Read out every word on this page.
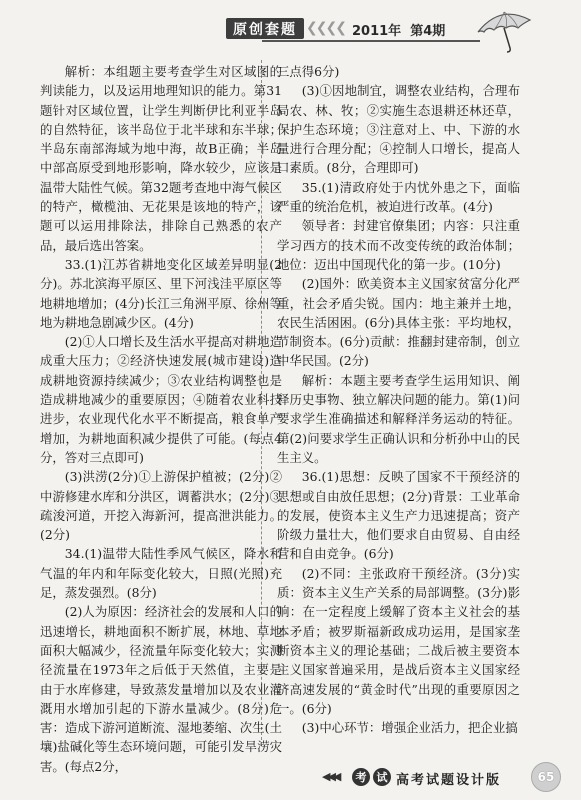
原创套题 ❮❮❮❮ 2011年  第4期

解析：本组题主要考查学生对区域图的判读能力，以及运用地理知识的能力。第31题针对区域位置，让学生判断伊比利亚半岛的自然特征，该半岛位于北半球和东半球；半岛东南部海域为地中海，故B正确；半岛中部高原受到地形影响，降水较少，应该是温带大陆性气候。第32题考查地中海气候区的特产，橄榄油、无花果是该地的特产，该题可以运用排除法，排除自己熟悉的农产品，最后选出答案。

33.(1)江苏省耕地变化区域差异明显(2分)。苏北滨海平原区、里下河浅洼平原区等地耕地增加；(4分)长江三角洲平原、徐州等地为耕地急剧减少区。(4分)

(2)①人口增长及生活水平提高对耕地造成重大压力；②经济快速发展(城市建设)造成耕地资源持续减少；③农业结构调整也是造成耕地减少的重要原因；④随着农业科技进步，农业现代化水平不断提高，粮食单产增加，为耕地面积减少提供了可能。(每点4分，答对三点即可)

(3)洪涝(2分)①上游保护植被；(2分)②中游修建水库和分洪区，调蓄洪水；(2分)③疏浚河道，开挖入海新河，提高泄洪能力。(2分)

34.(1)温带大陆性季风气候区，降水和气温的年内和年际变化较大，日照(光照)充足，蒸发强烈。(8分)

(2)人为原因：经济社会的发展和人口的迅速增长，耕地面积不断扩展，林地、草地面积大幅减少，径流量年际变化较大；实测径流量在1973年之后低于天然值，主要是由于水库修建，导致蒸发量增加以及农业灌溉用水增加引起的下游水量减少。(8分)危害：造成下游河道断流、湿地萎缩、次生(土壤)盐碱化等生态环境问题，可能引发旱涝灾害。(每点2分，

三点得6分)

(3)①因地制宜，调整农业结构，合理布局农、林、牧；②实施生态退耕还林还草，保护生态环境；③注意对上、中、下游的水量进行合理分配；④控制人口增长，提高人口素质。(8分，合理即可)

35.(1)清政府处于内忧外患之下，面临严重的统治危机，被迫进行改革。(4分)

领导者：封建官僚集团；内容：只注重学习西方的技术而不改变传统的政治体制；地位：迈出中国现代化的第一步。(10分)

(2)国外：欧美资本主义国家贫富分化严重，社会矛盾尖锐。国内：地主兼并土地，农民生活困困。(6分)具体主张：平均地权，节制资本。(6分)贡献：推翻封建帝制，创立中华民国。(2分)

解析：本题主要考查学生运用知识、阐释历史事物、独立解决问题的能力。第(1)问要求学生准确描述和解释洋务运动的特征。第(2)问要求学生正确认识和分析孙中山的民生主义。

36.(1)思想：反映了国家不干预经济的思想或自由放任思想；(2分)背景：工业革命的发展，使资本主义生产力迅速提高；资产阶级力量壮大，他们要求自由贸易、自由经营和自由竞争。(6分)

(2)不同：主张政府干预经济。(3分)实质：资本主义生产关系的局部调整。(3分)影响：在一定程度上缓解了资本主义社会的基本矛盾；被罗斯福新政成功运用，是国家垄断资本主义的理论基础；二战后被主要资本主义国家普遍采用，是战后资本主义国家经济高速发展的“黄金时代”出现的重要原因之一。(6分)

(3)中心环节：增强企业活力，把企业搞

◀◀◀	考 试 高考试题设计版	65
